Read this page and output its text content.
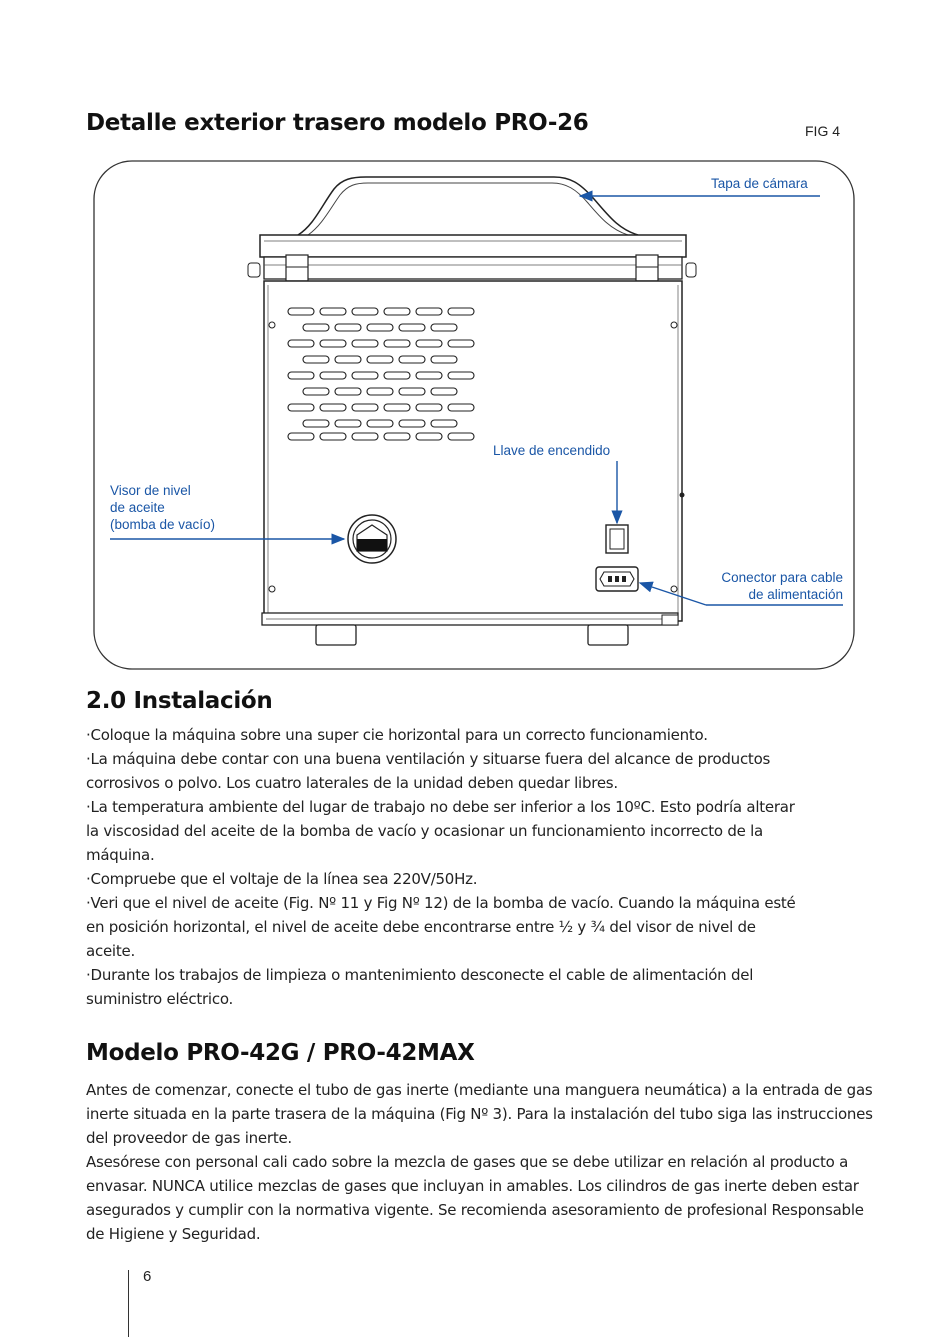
Detalle exterior trasero modelo PRO-26	FIG 4
Tapa de cámara
Llave de encendido
Visor de nivel
de aceite
(bomba de vacío)
Conector para cable
de alimentación
2.0 Instalación

·Coloque la máquina sobre una super cie horizontal para un correcto funcionamiento.

·La máquina debe contar con una buena ventilación y situarse fuera del alcance de productos corrosivos o polvo. Los cuatro laterales de la unidad deben quedar libres.

·La temperatura ambiente del lugar de trabajo no debe ser inferior a los 10ºC. Esto podría alterar la viscosidad del aceite de la bomba de vacío y ocasionar un funcionamiento incorrecto de la máquina.

·Compruebe que el voltaje de la línea sea 220V/50Hz.

·Veri que el nivel de aceite (Fig. Nº 11 y Fig Nº 12) de la bomba de vacío. Cuando la máquina esté en posición horizontal, el nivel de aceite debe encontrarse entre ½ y ¾ del visor de nivel de aceite.

·Durante los trabajos de limpieza o mantenimiento desconecte el cable de alimentación del suministro eléctrico.

Modelo PRO-42G / PRO-42MAX

Antes de comenzar, conecte el tubo de gas inerte (mediante una manguera neumática) a la entrada de gas inerte situada en la parte trasera de la máquina (Fig Nº 3). Para la instalación del tubo siga las instrucciones del proveedor de gas inerte.

Asesórese con personal cali cado sobre la mezcla de gases que se debe utilizar en relación al producto a envasar. NUNCA utilice mezclas de gases que incluyan in amables. Los cilindros de gas inerte deben estar asegurados y cumplir con la normativa vigente. Se recomienda asesoramiento de profesional Responsable de Higiene y Seguridad.

6
